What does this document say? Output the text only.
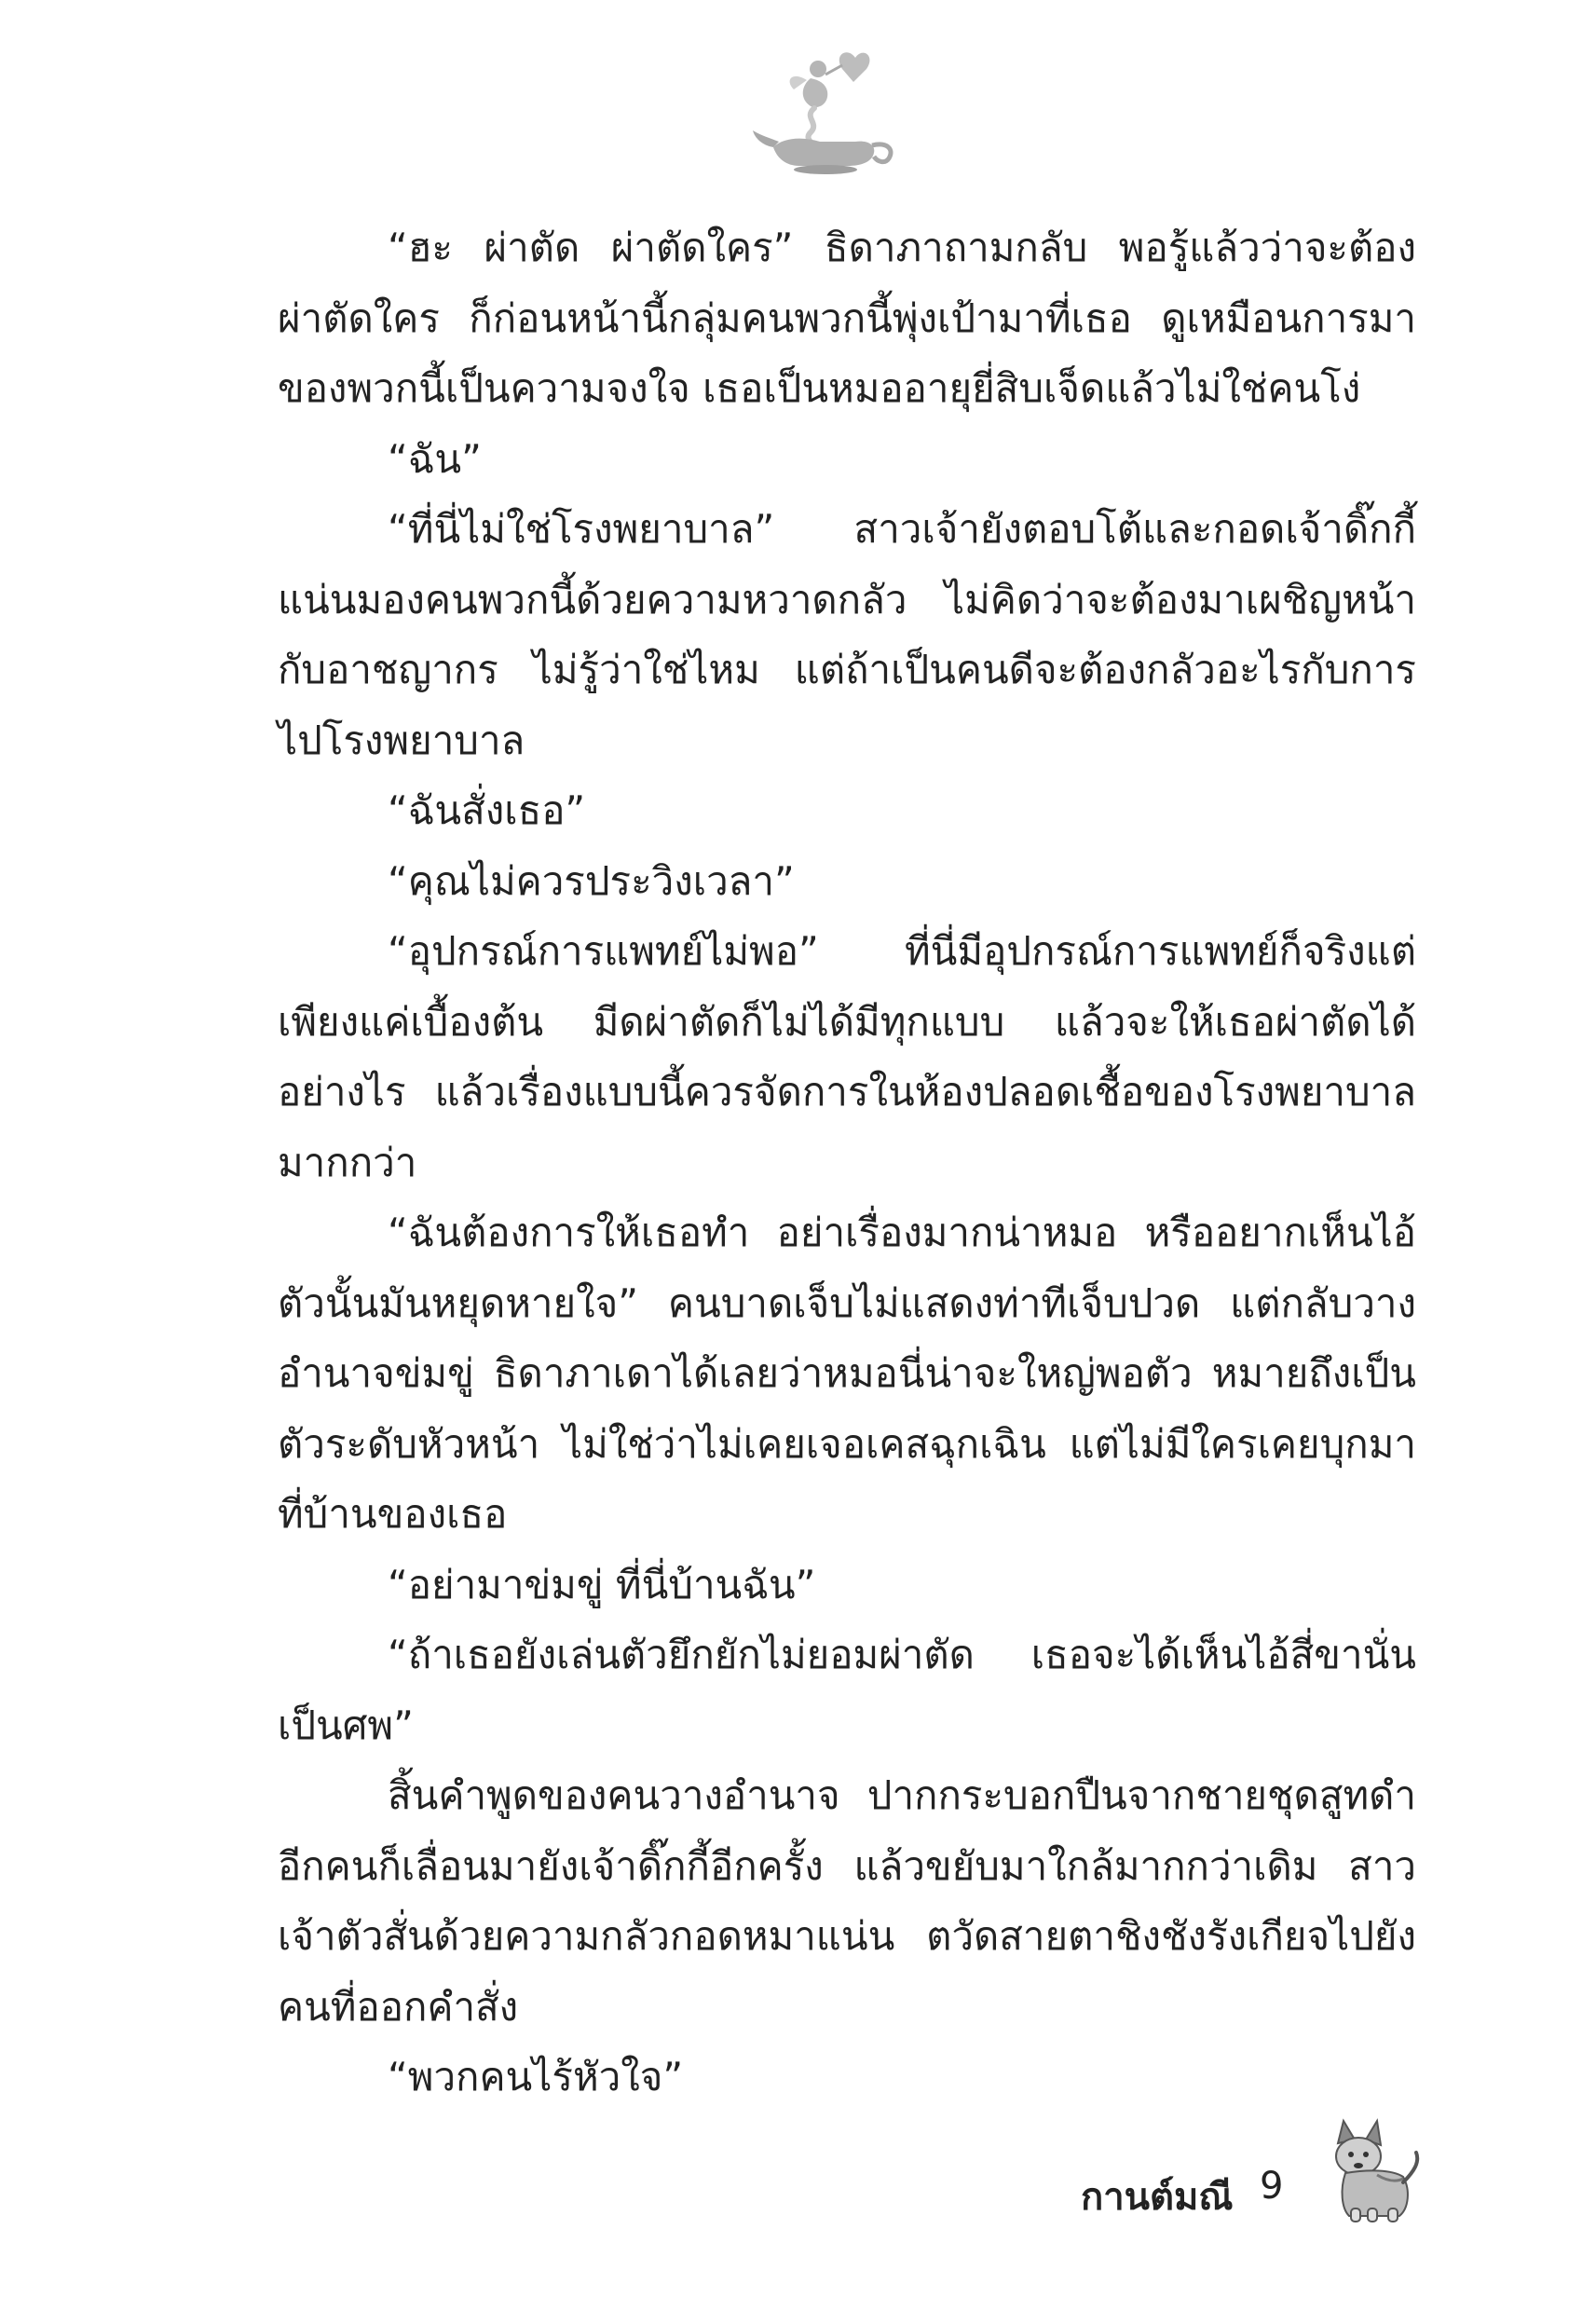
“ฮะ ผ่าตัด ผ่าตัดใคร” ธิดาภาถามกลับ พอรู้แล้วว่าจะต้องผ่าตัดใคร ก็ก่อนหน้านี้กลุ่มคนพวกนี้พุ่งเป้ามาที่เธอ ดูเหมือนการมาของพวกนี้เป็นความจงใจ เธอเป็นหมออายุยี่สิบเจ็ดแล้วไม่ใช่คนโง่

“ฉัน”

“ที่นี่ไม่ใช่โรงพยาบาล” สาวเจ้ายังตอบโต้และกอดเจ้าดิ๊กกี้แน่นมองคนพวกนี้ด้วยความหวาดกลัว ไม่คิดว่าจะต้องมาเผชิญหน้ากับอาชญากร ไม่รู้ว่าใช่ไหม แต่ถ้าเป็นคนดีจะต้องกลัวอะไรกับการไปโรงพยาบาล

“ฉันสั่งเธอ”

“คุณไม่ควรประวิงเวลา”

“อุปกรณ์การแพทย์ไม่พอ” ที่นี่มีอุปกรณ์การแพทย์ก็จริงแต่เพียงแค่เบื้องต้น มีดผ่าตัดก็ไม่ได้มีทุกแบบ แล้วจะให้เธอผ่าตัดได้อย่างไร แล้วเรื่องแบบนี้ควรจัดการในห้องปลอดเชื้อของโรงพยาบาลมากกว่า

“ฉันต้องการให้เธอทำ อย่าเรื่องมากน่าหมอ หรืออยากเห็นไอ้ตัวนั้นมันหยุดหายใจ” คนบาดเจ็บไม่แสดงท่าทีเจ็บปวด แต่กลับวางอำนาจข่มขู่ ธิดาภาเดาได้เลยว่าหมอนี่น่าจะใหญ่พอตัว หมายถึงเป็นตัวระดับหัวหน้า ไม่ใช่ว่าไม่เคยเจอเคสฉุกเฉิน แต่ไม่มีใครเคยบุกมาที่บ้านของเธอ

“อย่ามาข่มขู่ ที่นี่บ้านฉัน”

“ถ้าเธอยังเล่นตัวยึกยักไม่ยอมผ่าตัด เธอจะได้เห็นไอ้สี่ขานั่นเป็นศพ”

สิ้นคำพูดของคนวางอำนาจ ปากกระบอกปืนจากชายชุดสูทดำอีกคนก็เลื่อนมายังเจ้าดิ๊กกี้อีกครั้ง แล้วขยับมาใกล้มากกว่าเดิม สาวเจ้าตัวสั่นด้วยความกลัวกอดหมาแน่น ตวัดสายตาชิงชังรังเกียจไปยังคนที่ออกคำสั่ง

“พวกคนไร้หัวใจ”

กานต์มณี 9
